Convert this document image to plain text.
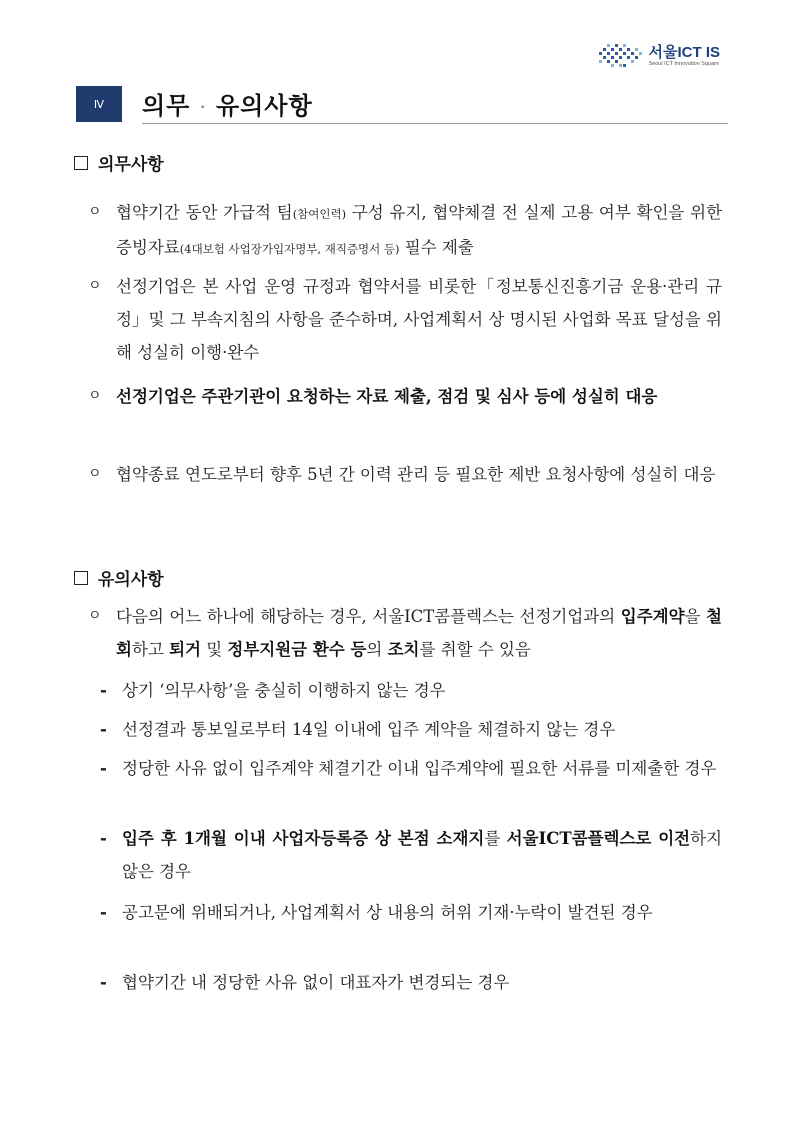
서울ICT IS
Seoul ICT Innovation Square
Ⅳ	의무 · 유의사항
의무사항
ㅇ 협약기간 동안 가급적 팀(참여인력) 구성 유지, 협약체결 전 실제 고용 여부 확인을 위한 증빙자료(4대보험 사업장가입자명부, 재직증명서 등) 필수 제출
ㅇ 선정기업은 본 사업 운영 규정과 협약서를 비롯한「정보통신진흥기금 운용·관리 규정」및 그 부속지침의 사항을 준수하며, 사업계획서 상 명시된 사업화 목표 달성을 위해 성실히 이행·완수
ㅇ 선정기업은 주관기관이 요청하는 자료 제출, 점검 및 심사 등에 성실히 대응
ㅇ 협약종료 연도로부터 향후 5년 간 이력 관리 등 필요한 제반 요청사항에 성실히 대응
유의사항
ㅇ 다음의 어느 하나에 해당하는 경우, 서울ICT콤플렉스는 선정기업과의 입주계약을 철회하고 퇴거 및 정부지원금 환수 등의 조치를 취할 수 있음
- 상기 ‘의무사항’을 충실히 이행하지 않는 경우
- 선정결과 통보일로부터 14일 이내에 입주 계약을 체결하지 않는 경우
- 정당한 사유 없이 입주계약 체결기간 이내 입주계약에 필요한 서류를 미제출한 경우
- 입주 후 1개월 이내 사업자등록증 상 본점 소재지를 서울ICT콤플렉스로 이전하지 않은 경우
- 공고문에 위배되거나, 사업계획서 상 내용의 허위 기재·누락이 발견된 경우
- 협약기간 내 정당한 사유 없이 대표자가 변경되는 경우
